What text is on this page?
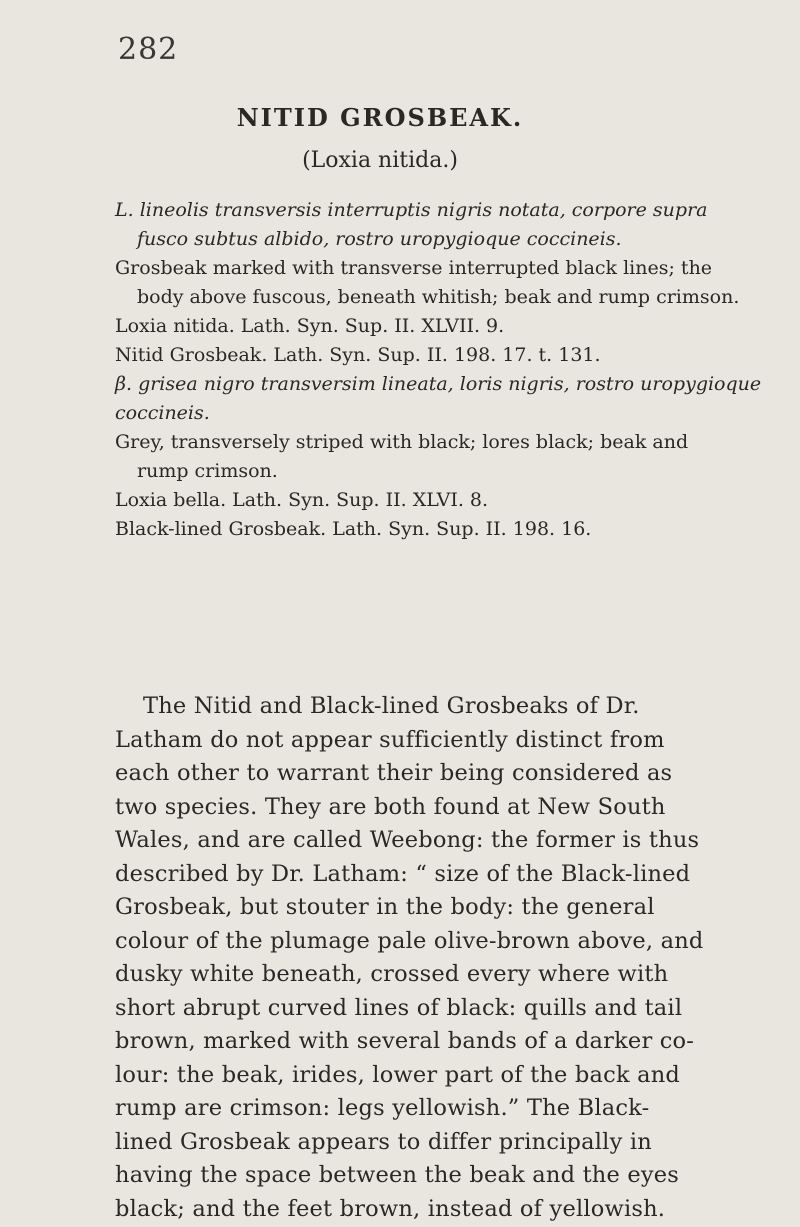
282
NITID GROSBEAK.
(Loxia nitida.)

L. lineolis transversis interruptis nigris notata, corpore supra

fusco subtus albido, rostro uropygioque coccineis.

Grosbeak marked with transverse interrupted black lines; the

body above fuscous, beneath whitish; beak and rump crimson.

Loxia nitida. Lath. Syn. Sup. II. XLVII. 9.

Nitid Grosbeak. Lath. Syn. Sup. II. 198. 17. t. 131.

β. grisea nigro transversim lineata, loris nigris, rostro uropygioque

coccineis.

Grey, transversely striped with black; lores black; beak and

rump crimson.

Loxia bella. Lath. Syn. Sup. II. XLVI. 8.

Black-lined Grosbeak. Lath. Syn. Sup. II. 198. 16.

The Nitid and Black-lined Grosbeaks of Dr.

Latham do not appear sufficiently distinct from

each other to warrant their being considered as

two species. They are both found at New South

Wales, and are called Weebong: the former is thus

described by Dr. Latham: “ size of the Black-lined

Grosbeak, but stouter in the body: the general

colour of the plumage pale olive-brown above, and

dusky white beneath, crossed every where with

short abrupt curved lines of black: quills and tail

brown, marked with several bands of a darker co-

lour: the beak, irides, lower part of the back and

rump are crimson: legs yellowish.” The Black-

lined Grosbeak appears to differ principally in

having the space between the beak and the eyes

black; and the feet brown, instead of yellowish.
